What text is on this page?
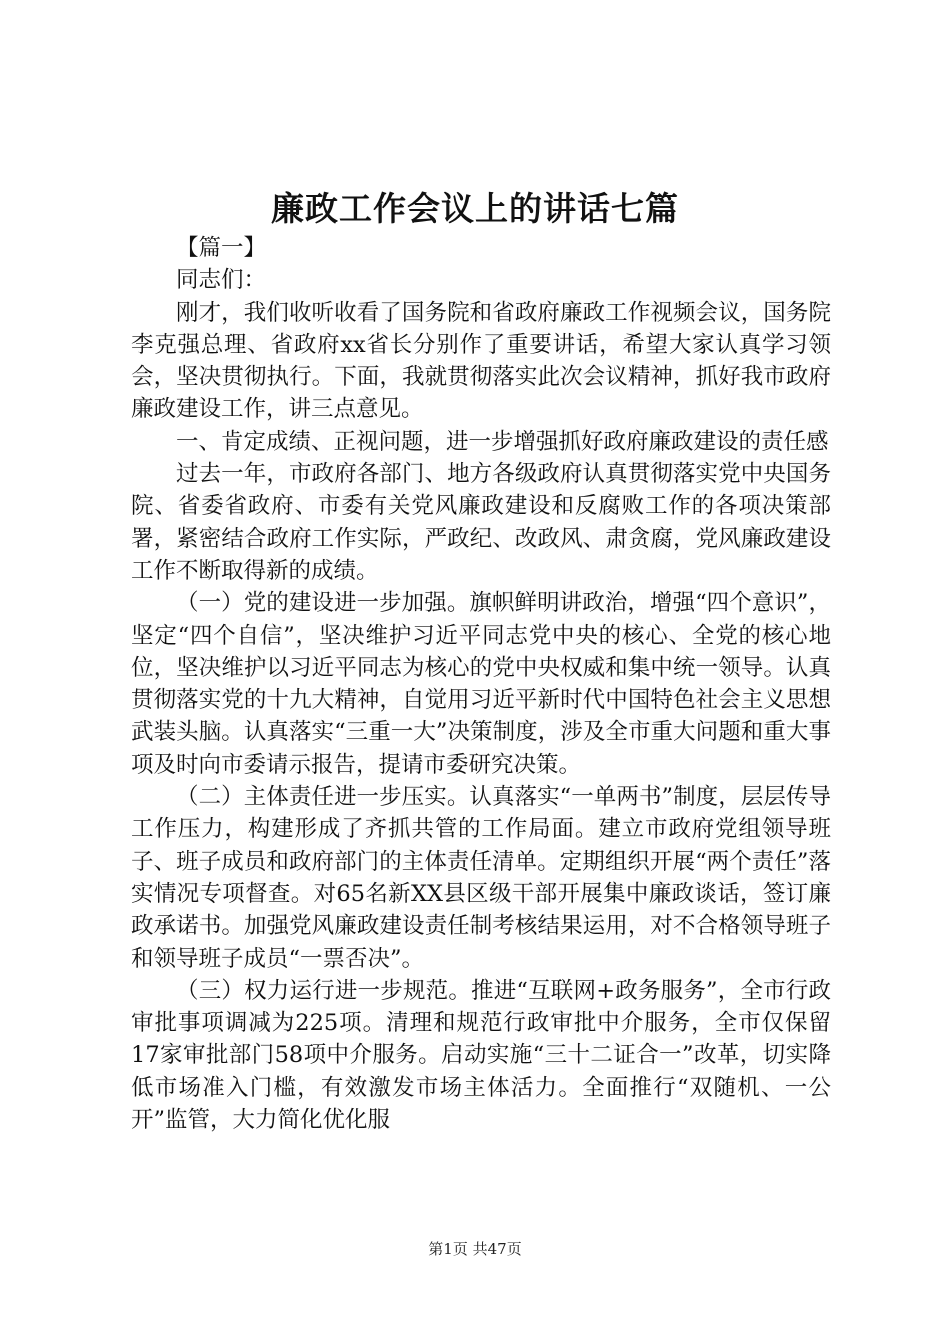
廉政工作会议上的讲话七篇

【篇一】

同志们：

刚才，我们收听收看了国务院和省政府廉政工作视频会议，国务院李克强总理、省政府xx省长分别作了重要讲话，希望大家认真学习领会，坚决贯彻执行。下面，我就贯彻落实此次会议精神，抓好我市政府廉政建设工作，讲三点意见。

一、肯定成绩、正视问题，进一步增强抓好政府廉政建设的责任感

过去一年，市政府各部门、地方各级政府认真贯彻落实党中央国务院、省委省政府、市委有关党风廉政建设和反腐败工作的各项决策部署，紧密结合政府工作实际，严政纪、改政风、肃贪腐，党风廉政建设工作不断取得新的成绩。

（一）党的建设进一步加强。旗帜鲜明讲政治，增强“四个意识”，坚定“四个自信”，坚决维护习近平同志党中央的核心、全党的核心地位，坚决维护以习近平同志为核心的党中央权威和集中统一领导。认真贯彻落实党的十九大精神，自觉用习近平新时代中国特色社会主义思想武装头脑。认真落实“三重一大”决策制度，涉及全市重大问题和重大事项及时向市委请示报告，提请市委研究决策。

（二）主体责任进一步压实。认真落实“一单两书”制度，层层传导工作压力，构建形成了齐抓共管的工作局面。建立市政府党组领导班子、班子成员和政府部门的主体责任清单。定期组织开展“两个责任”落实情况专项督查。对65名新XX县区级干部开展集中廉政谈话，签订廉政承诺书。加强党风廉政建设责任制考核结果运用，对不合格领导班子和领导班子成员“一票否决”。

（三）权力运行进一步规范。推进“互联网+政务服务”，全市行政审批事项调减为225项。清理和规范行政审批中介服务，全市仅保留17家审批部门58项中介服务。启动实施“三十二证合一”改革，切实降低市场准入门槛，有效激发市场主体活力。全面推行“双随机、一公开”监管，大力简化优化服

第1页 共47页
